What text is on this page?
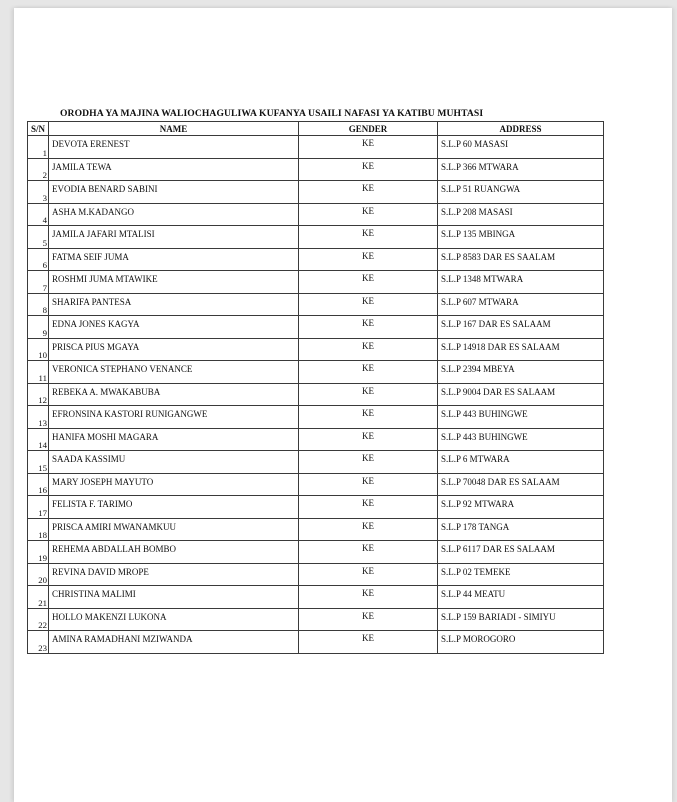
ORODHA YA MAJINA WALIOCHAGULIWA KUFANYA USAILI NAFASI YA KATIBU MUHTASI
S/N	NAME	GENDER	ADDRESS
1	DEVOTA ERENEST	KE	S.L.P 60 MASASI
2	JAMILA TEWA	KE	S.L.P 366 MTWARA
3	EVODIA BENARD SABINI	KE	S.L.P 51 RUANGWA
4	ASHA M.KADANGO	KE	S.L.P 208 MASASI
5	JAMILA JAFARI MTALISI	KE	S.L.P 135 MBINGA
6	FATMA SEIF JUMA	KE	S.L.P 8583 DAR ES SAALAM
7	ROSHMI JUMA MTAWIKE	KE	S.L.P 1348 MTWARA
8	SHARIFA PANTESA	KE	S.L.P 607 MTWARA
9	EDNA JONES KAGYA	KE	S.L.P 167 DAR ES SALAAM
10	PRISCA PIUS MGAYA	KE	S.L.P 14918 DAR ES SALAAM
11	VERONICA STEPHANO VENANCE	KE	S.L.P 2394 MBEYA
12	REBEKA A. MWAKABUBA	KE	S.L.P 9004 DAR ES SALAAM
13	EFRONSINA KASTORI RUNIGANGWE	KE	S.L.P 443 BUHINGWE
14	HANIFA MOSHI MAGARA	KE	S.L.P 443 BUHINGWE
15	SAADA KASSIMU	KE	S.L.P 6 MTWARA
16	MARY JOSEPH MAYUTO	KE	S.L.P 70048 DAR ES SALAAM
17	FELISTA F. TARIMO	KE	S.L.P 92 MTWARA
18	PRISCA AMIRI MWANAMKUU	KE	S.L.P 178 TANGA
19	REHEMA ABDALLAH BOMBO	KE	S.L.P 6117 DAR ES SALAAM
20	REVINA DAVID MROPE	KE	S.L.P 02 TEMEKE
21	CHRISTINA MALIMI	KE	S.L.P 44 MEATU
22	HOLLO MAKENZI LUKONA	KE	S.L.P 159 BARIADI - SIMIYU
23	AMINA RAMADHANI MZIWANDA	KE	S.L.P MOROGORO
